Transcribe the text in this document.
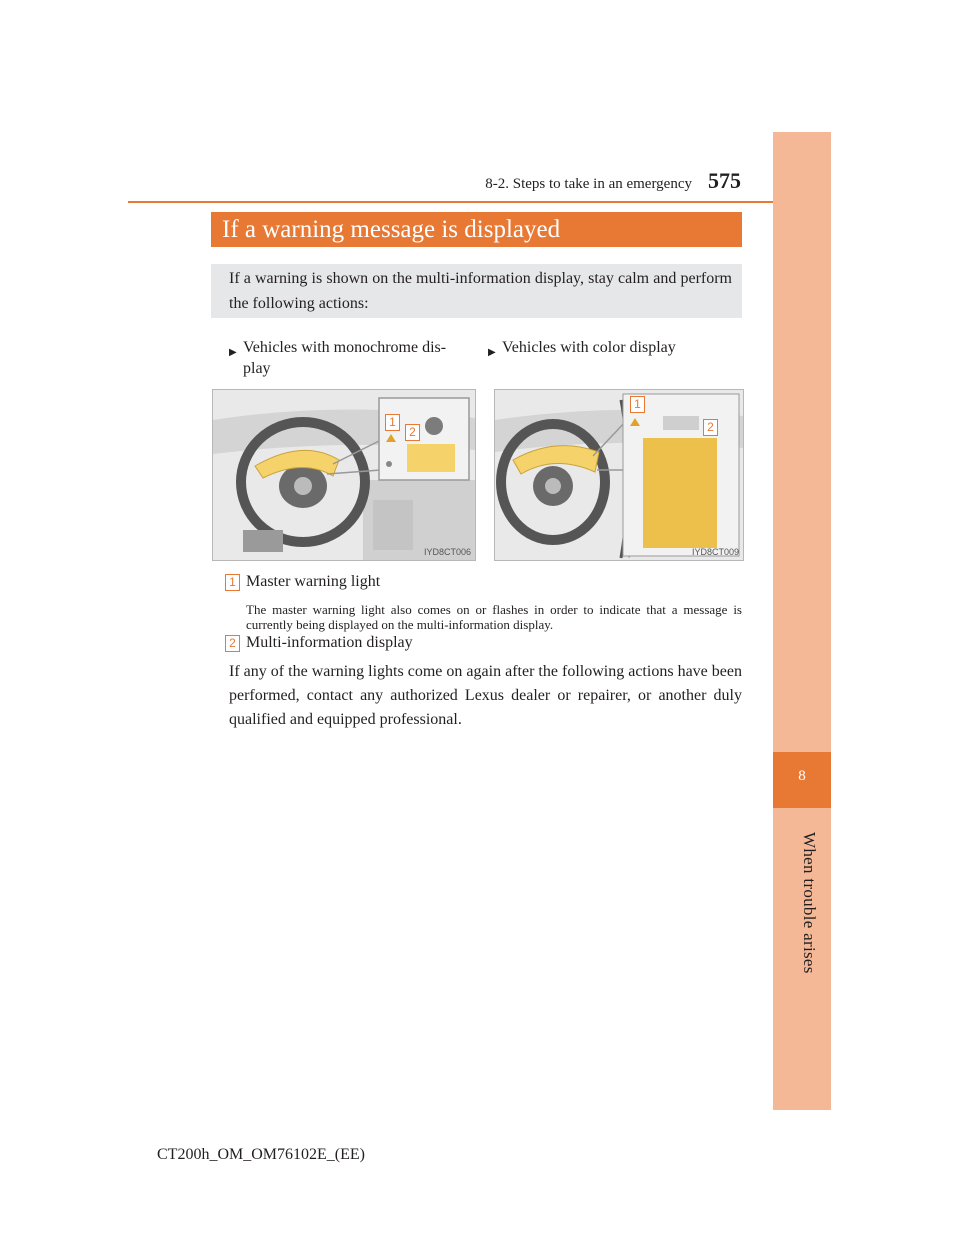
8
When trouble arises
8-2. Steps to take in an emergency 575
If a warning message is displayed
If a warning is shown on the multi-information display, stay calm and perform the following actions:
▶ Vehicles with monochrome dis- play
▶ Vehicles with color display
1
2
IYD8CT006
1
2
IYD8CT009
1 Master warning light
The master warning light also comes on or flashes in order to indicate that a message is currently being displayed on the multi-information display.
2 Multi-information display
If any of the warning lights come on again after the following actions have been performed, contact any authorized Lexus dealer or repairer, or another duly qualified and equipped professional.
CT200h_OM_OM76102E_(EE)
